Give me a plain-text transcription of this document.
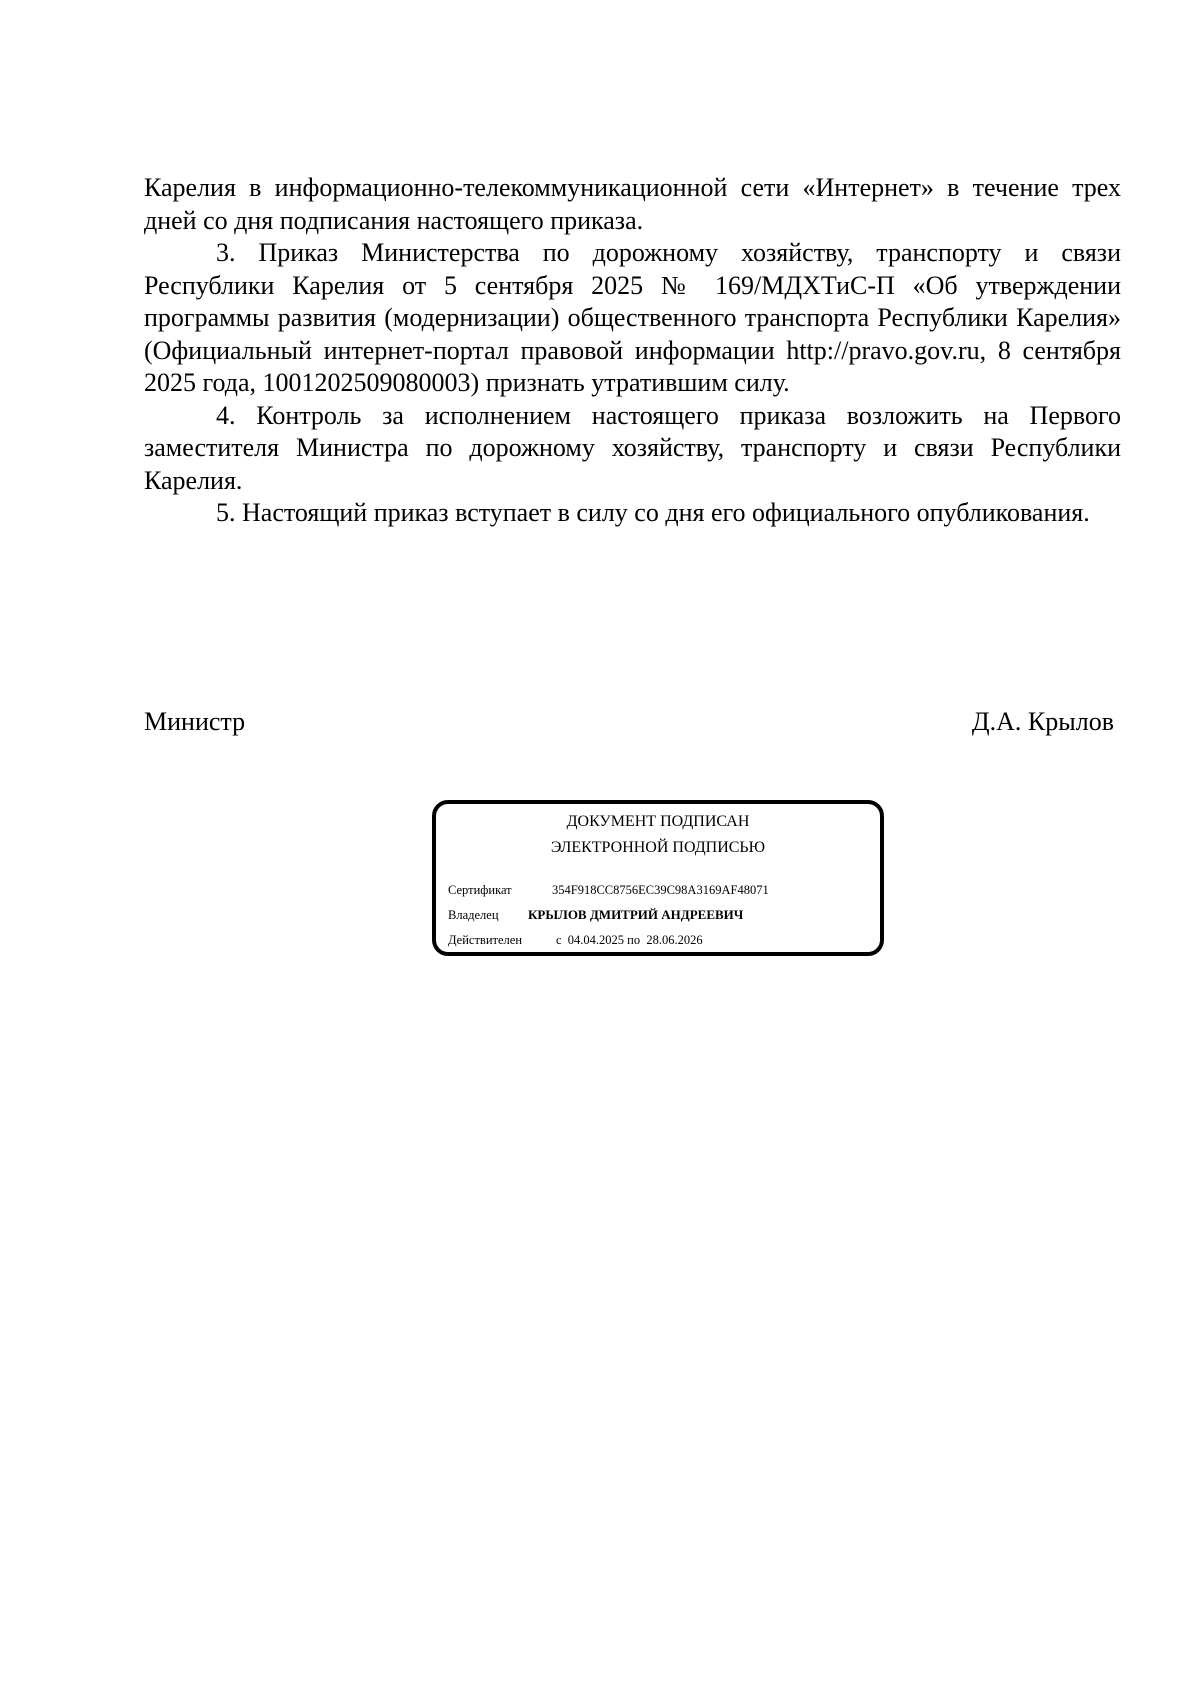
Карелия в информационно-телекоммуникационной сети «Интернет» в течение трех дней со дня подписания настоящего приказа.

3. Приказ Министерства по дорожному хозяйству, транспорту и связи Республики Карелия от 5 сентября 2025 № 169/МДХТиС-П «Об утверждении программы развития (модернизации) общественного транспорта Республики Карелия» (Официальный интернет-портал правовой информации http://pravo.gov.ru, 8 сентября 2025 года, 1001202509080003) признать утратившим силу.

4. Контроль за исполнением настоящего приказа возложить на Первого заместителя Министра по дорожному хозяйству, транспорту и связи Республики Карелия.

5. Настоящий приказ вступает в силу со дня его официального опубликования.

Министр	Д.А. Крылов
ДОКУМЕНТ ПОДПИСАН
ЭЛЕКТРОННОЙ ПОДПИСЬЮ
Сертификат	354F918CC8756EC39C98A3169AF48071
Владелец КРЫЛОВ ДМИТРИЙ АНДРЕЕВИЧ
Действителен	с  04.04.2025 по  28.06.2026
